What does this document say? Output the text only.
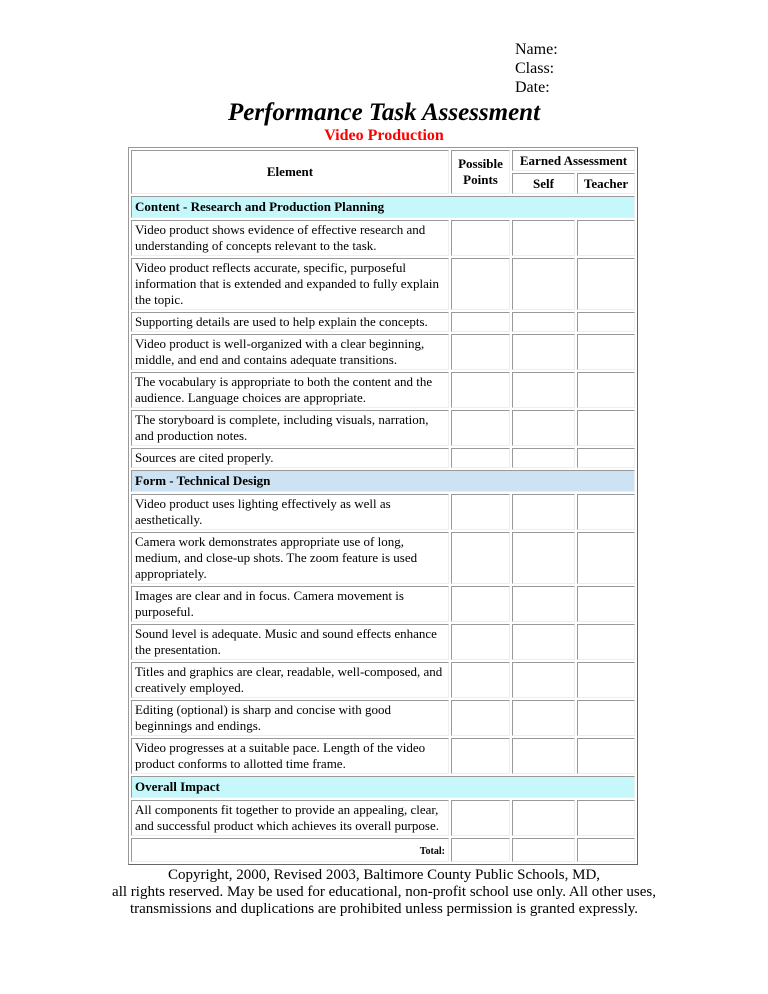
Name:
Class:
Date:
Performance Task Assessment
Video Production
Element	Possible Points	Earned Assessment	
		Self	Teacher
Content - Research and Production Planning			
Video product shows evidence of effective research and understanding of concepts relevant to the task.			
Video product reflects accurate, specific, purposeful information that is extended and expanded to fully explain the topic.			
Supporting details are used to help explain the concepts.			
Video product is well-organized with a clear beginning, middle, and end and contains adequate transitions.			
The vocabulary is appropriate to both the content and the audience. Language choices are appropriate.			
The storyboard is complete, including visuals, narration, and production notes.			
Sources are cited properly.			
Form - Technical Design			
Video product uses lighting effectively as well as aesthetically.			
Camera work demonstrates appropriate use of long, medium, and close-up shots. The zoom feature is used appropriately.			
Images are clear and in focus. Camera movement is purposeful.			
Sound level is adequate. Music and sound effects enhance the presentation.			
Titles and graphics are clear, readable, well-composed, and creatively employed.			
Editing (optional) is sharp and concise with good beginnings and endings.			
Video progresses at a suitable pace. Length of the video product conforms to allotted time frame.			
Overall Impact			
All components fit together to provide an appealing, clear, and successful product which achieves its overall purpose.			
Total:			
Copyright, 2000, Revised 2003, Baltimore County Public Schools, MD,
all rights reserved. May be used for educational, non-profit school use only. All other uses,
transmissions and duplications are prohibited unless permission is granted expressly.
